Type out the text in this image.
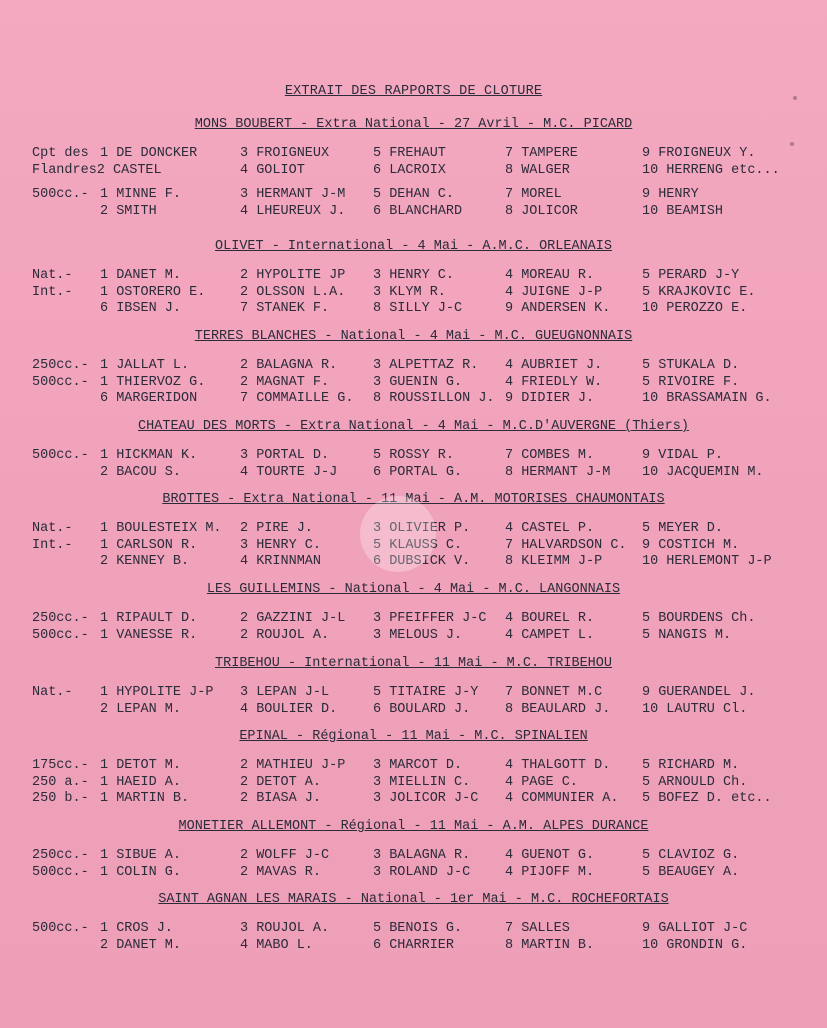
EXTRAIT DES RAPPORTS DE CLOTURE
MONS BOUBERT - Extra National - 27 Avril - M.C. PICARD
Cpt des 1 DE DONCKER	3 FROIGNEUX	5 FREHAUT	7 TAMPERE	9 FROIGNEUX Y.
Flandres2 CASTEL	4 GOLIOT	6 LACROIX	8 WALGER	10 HERRENG etc...
500cc.- 1 MINNE F.	3 HERMANT J-M 5 DEHAN C.	7 MOREL	9 HENRY
2 SMITH	4 LHEUREUX J. 6 BLANCHARD	8 JOLICOR	10 BEAMISH
OLIVET - International - 4 Mai - A.M.C. ORLEANAIS
Nat.- 1 DANET M.	2 HYPOLITE JP 3 HENRY C.	4 MOREAU R.	5 PERARD J-Y
Int.- 1 OSTORERO E.	2 OLSSON L.A. 3 KLYM R.	4 JUIGNE J-P	5 KRAJKOVIC E.
6 IBSEN J.	7 STANEK F.	8 SILLY J-C	9 ANDERSEN K. 10 PEROZZO E.
TERRES BLANCHES - National - 4 Mai - M.C. GUEUGNONNAIS
250cc.- 1 JALLAT L.	2 BALAGNA R.	3 ALPETTAZ R. 4 AUBRIET J.	5 STUKALA D.
500cc.- 1 THIERVOZ G.	2 MAGNAT F.	3 GUENIN G.	4 FRIEDLY W.	5 RIVOIRE F.
6 MARGERIDON	7 COMMAILLE G. 8 ROUSSILLON J. 9 DIDIER J.	10 BRASSAMAIN G.
CHATEAU DES MORTS - Extra National - 4 Mai - M.C.D'AUVERGNE (Thiers)
500cc.- 1 HICKMAN K.	3 PORTAL D.	5 ROSSY R.	7 COMBES M.	9 VIDAL P.
2 BACOU S.	4 TOURTE J-J	6 PORTAL G.	8 HERMANT J-M 10 JACQUEMIN M.
BROTTES - Extra National - 11 Mai - A.M. MOTORISES CHAUMONTAIS
Nat.- 1 BOULESTEIX M. 2 PIRE J.	3 OLIVIER P.	4 CASTEL P.	5 MEYER D.
Int.- 1 CARLSON R.	3 HENRY C.	5 KLAUSS C.	7 HALVARDSON C. 9 COSTICH M.
2 KENNEY B.	4 KRINNMAN	6 DUBSICK V.	8 KLEIMM J-P	10 HERLEMONT J-P
LES GUILLEMINS - National - 4 Mai - M.C. LANGONNAIS
250cc.- 1 RIPAULT D.	2 GAZZINI J-L 3 PFEIFFER J-C 4 BOUREL R.	5 BOURDENS Ch.
500cc.- 1 VANESSE R.	2 ROUJOL A.	3 MELOUS J.	4 CAMPET L.	5 NANGIS M.
TRIBEHOU - International - 11 Mai - M.C. TRIBEHOU
Nat.- 1 HYPOLITE J-P 3 LEPAN J-L	5 TITAIRE J-Y 7 BONNET M.C	9 GUERANDEL J.
2 LEPAN M.	4 BOULIER D.	6 BOULARD J.	8 BEAULARD J. 10 LAUTRU Cl.
EPINAL - Régional - 11 Mai - M.C. SPINALIEN
175cc.- 1 DETOT M.	2 MATHIEU J-P 3 MARCOT D.	4 THALGOTT D. 5 RICHARD M.
250 a.- 1 HAEID A.	2 DETOT A.	3 MIELLIN C.	4 PAGE C.	5 ARNOULD Ch.
250 b.- 1 MARTIN B.	2 BIASA J.	3 JOLICOR J-C 4 COMMUNIER A. 5 BOFEZ D. etc..
MONETIER ALLEMONT - Régional - 11 Mai - A.M. ALPES DURANCE
250cc.- 1 SIBUE A.	2 WOLFF J-C	3 BALAGNA R.	4 GUENOT G.	5 CLAVIOZ G.
500cc.- 1 COLIN G.	2 MAVAS R.	3 ROLAND J-C	4 PIJOFF M.	5 BEAUGEY A.
SAINT AGNAN LES MARAIS - National - 1er Mai - M.C. ROCHEFORTAIS
500cc.- 1 CROS J.	3 ROUJOL A.	5 BENOIS G.	7 SALLES	9 GALLIOT J-C
2 DANET M.	4 MABO L.	6 CHARRIER	8 MARTIN B.	10 GRONDIN G.
